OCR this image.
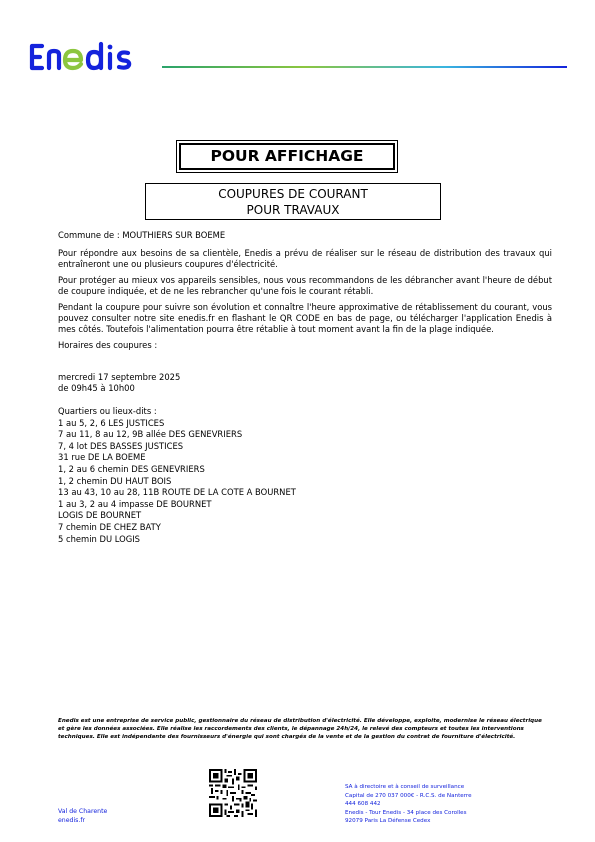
POUR AFFICHAGE
COUPURES DE COURANT
POUR TRAVAUX

Commune de : MOUTHIERS SUR BOEME

Pour répondre aux besoins de sa clientèle, Enedis a prévu de réaliser sur le réseau de distribution des travaux qui entraîneront une ou plusieurs coupures d'électricité.

Pour protéger au mieux vos appareils sensibles, nous vous recommandons de les débrancher avant l'heure de début de coupure indiquée, et de ne les rebrancher qu'une fois le courant rétabli.

Pendant la coupure pour suivre son évolution et connaître l'heure approximative de rétablissement du courant, vous pouvez consulter notre site enedis.fr en flashant le QR CODE en bas de page, ou télécharger l'application Enedis à mes côtés. Toutefois l'alimentation pourra être rétablie à tout moment avant la fin de la plage indiquée.

Horaires des coupures :

mercredi 17 septembre 2025
de 09h45 à 10h00
Quartiers ou lieux-dits :
1 au 5, 2, 6 LES JUSTICES
7 au 11, 8 au 12, 9B allée DES GENEVRIERS
7, 4 lot DES BASSES JUSTICES
31 rue DE LA BOEME
1, 2 au 6 chemin DES GENEVRIERS
1, 2 chemin DU HAUT BOIS
13 au 43, 10 au 28, 11B ROUTE DE LA COTE A BOURNET
1 au 3, 2 au 4 impasse DE BOURNET
LOGIS DE BOURNET
7 chemin DE CHEZ BATY
5 chemin DU LOGIS
Enedis est une entreprise de service public, gestionnaire du réseau de distribution d'électricité. Elle développe, exploite, modernise le réseau électrique et gère les données associées. Elle réalise les raccordements des clients, le dépannage 24h/24, le relevé des compteurs et toutes les interventions techniques. Elle est indépendante des fournisseurs d'énergie qui sont chargés de la vente et de la gestion du contrat de fourniture d'électricité.
Val de Charente
enedis.fr
SA à directoire et à conseil de surveillance
Capital de 270 037 000€ - R.C.S. de Nanterre
444 608 442
Enedis - Tour Enedis - 34 place des Corolles
92079 Paris La Défense Cedex
